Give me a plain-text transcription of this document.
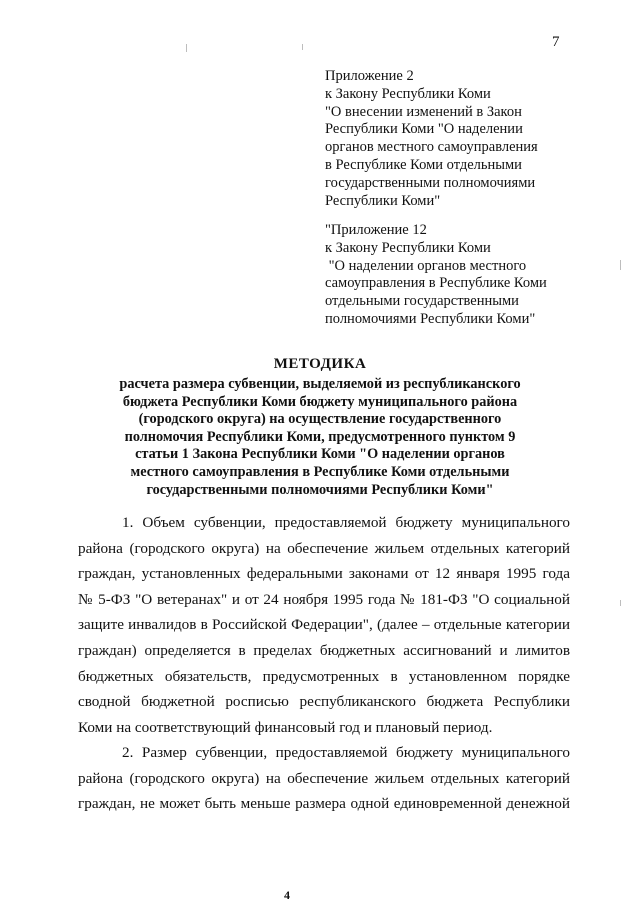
7
Приложение 2
к Закону Республики Коми
"О внесении изменений в Закон
Республики Коми "О наделении
органов местного самоуправления
в Республике Коми отдельными
государственными полномочиями
Республики Коми"
"Приложение 12
к Закону Республики Коми
"О наделении органов местного
самоуправления в Республике Коми
отдельными государственными
полномочиями Республики Коми"
МЕТОДИКА
расчета размера субвенции, выделяемой из республиканского
бюджета Республики Коми бюджету муниципального района
(городского округа) на осуществление государственного
полномочия Республики Коми, предусмотренного пунктом 9
статьи 1 Закона Республики Коми "О наделении органов
местного самоуправления в Республике Коми отдельными
государственными полномочиями Республики Коми"
1. Объем субвенции, предоставляемой бюджету муниципального
района (городского округа) на обеспечение жильем отдельных категорий
граждан, установленных федеральными законами от 12 января 1995 года
№ 5-ФЗ "О ветеранах" и от 24 ноября 1995 года № 181-ФЗ "О социальной
защите инвалидов в Российской Федерации", (далее – отдельные категории
граждан) определяется в пределах бюджетных ассигнований и лимитов
бюджетных обязательств, предусмотренных в установленном порядке
сводной бюджетной росписью республиканского бюджета Республики
Коми на соответствующий финансовый год и плановый период.
2. Размер субвенции, предоставляемой бюджету муниципального
района (городского округа) на обеспечение жильем отдельных категорий
граждан, не может быть меньше размера одной единовременной денежной
4
